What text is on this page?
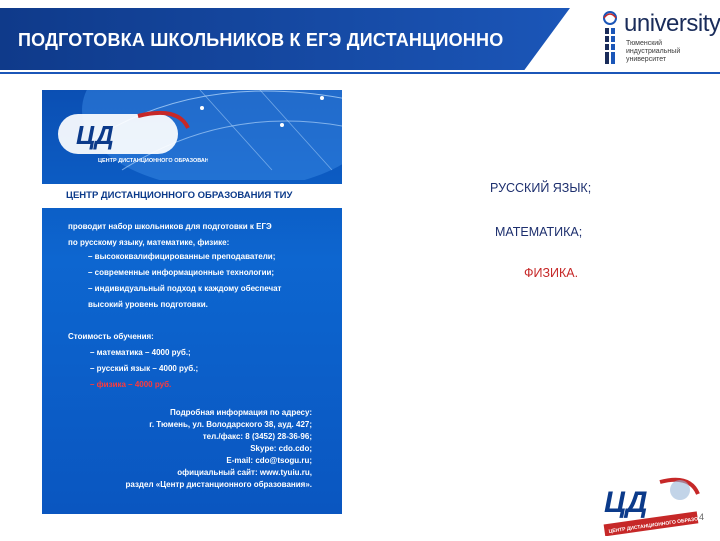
ПОДГОТОВКА ШКОЛЬНИКОВ К ЕГЭ ДИСТАНЦИОННО
university
Тюменский
индустриальный
университет
ЦД
ЦЕНТР ДИСТАНЦИОННОГО ОБРАЗОВАНИЯ
ЦЕНТР ДИСТАНЦИОННОГО ОБРАЗОВАНИЯ ТИУ
проводит набор школьников для подготовки к ЕГЭ
по русскому языку, математике, физике:
– высококвалифицированные преподаватели;
– современные информационные технологии;
– индивидуальный подход к каждому обеспечат
высокий уровень подготовки.
Стоимость обучения:
– математика – 4000 руб.;
– русский язык – 4000 руб.;
– физика – 4000 руб.
Подробная информация по адресу:
г. Тюмень, ул. Володарского 38, ауд. 427;
тел./факс: 8 (3452) 28-36-96;
Skype: cdo.cdo;
E-mail: cdo@tsogu.ru;
официальный сайт: www.tyuiu.ru,
раздел «Центр дистанционного образования».
РУССКИЙ ЯЗЫК;
МАТЕМАТИКА;
ФИЗИКА.
ЦД
ЦЕНТР ДИСТАНЦИОННОГО ОБРАЗОВАНИЯ
4
